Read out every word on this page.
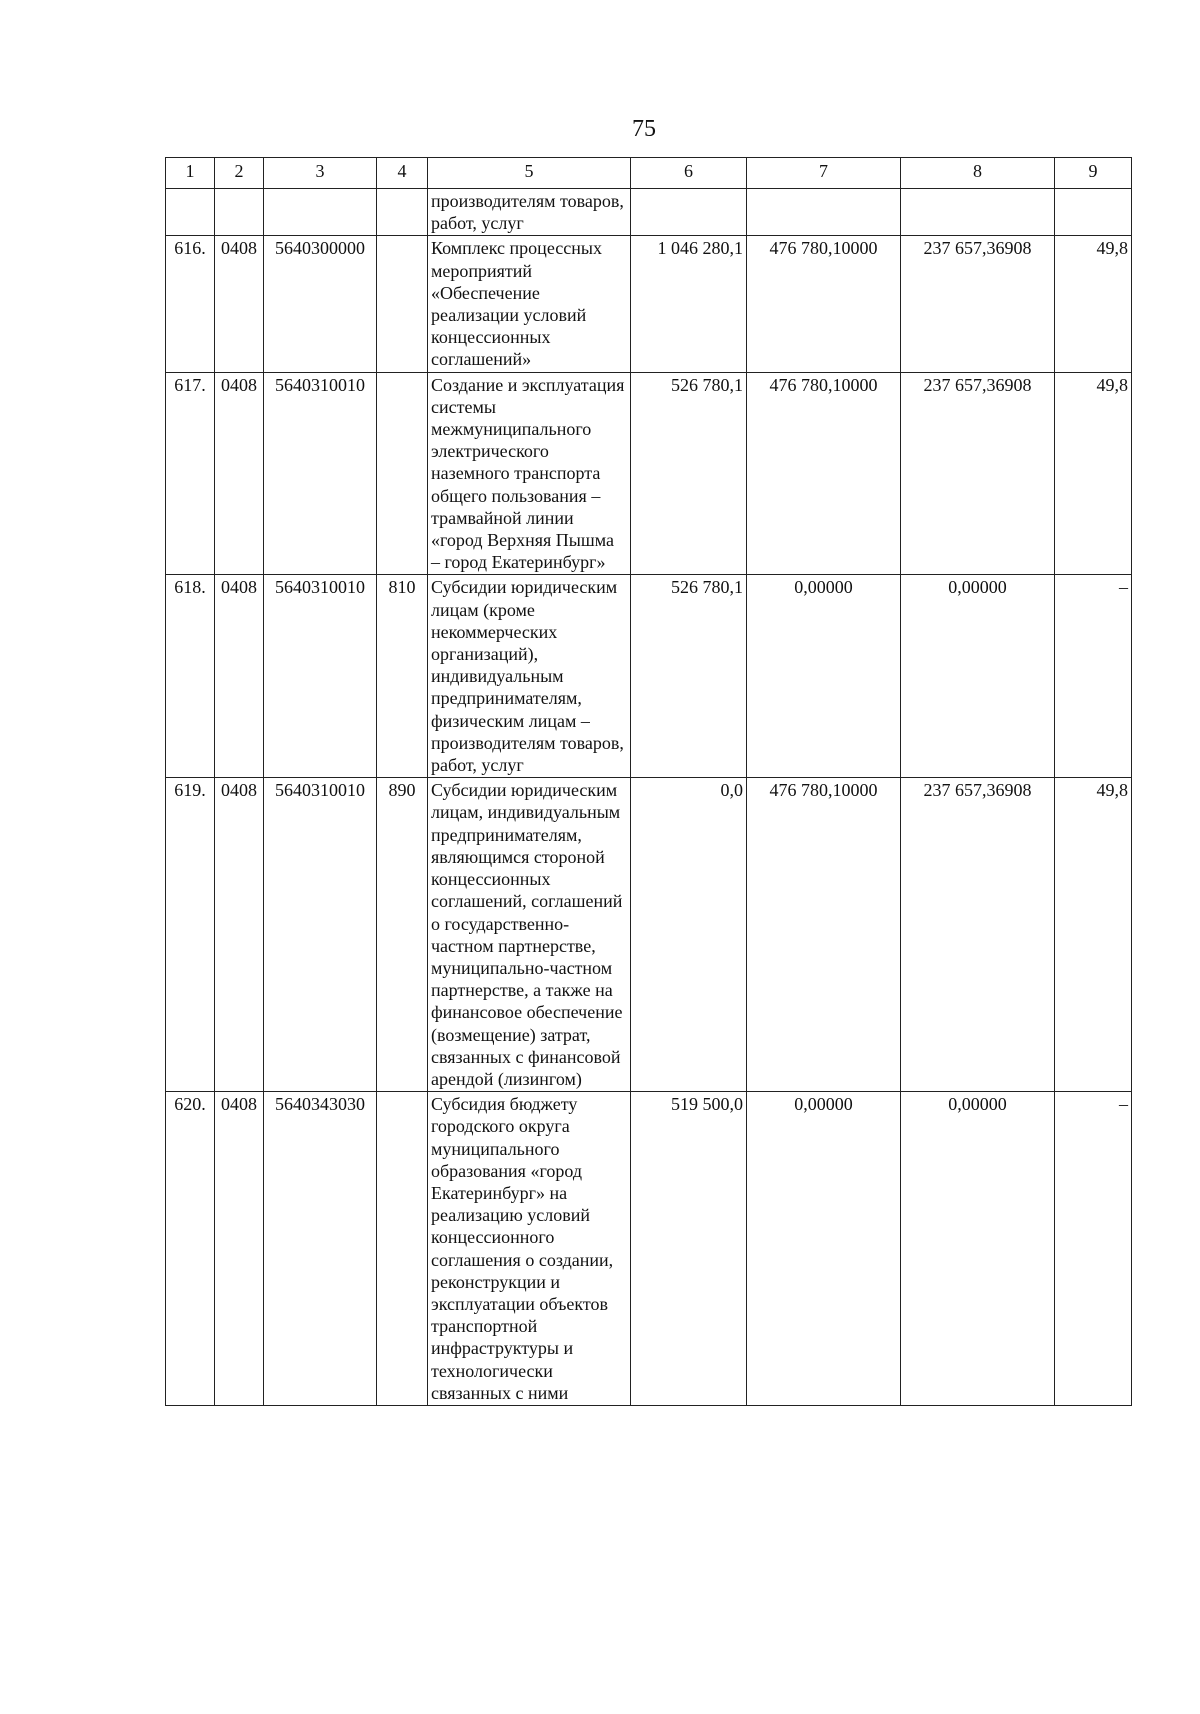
75
1	2	3	4	5	6	7	8	9
				производителям товаров, работ, услуг				
616.	0408	5640300000		Комплекс процессных мероприятий «Обеспечение реализации условий концессионных соглашений»	1 046 280,1	476 780,10000	237 657,36908	49,8
617.	0408	5640310010		Создание и эксплуатация системы межмуниципального электрического наземного транспорта общего пользования – трамвайной линии «город Верхняя Пышма – город Екатеринбург»	526 780,1	476 780,10000	237 657,36908	49,8
618.	0408	5640310010	810	Субсидии юридическим лицам (кроме некоммерческих организаций), индивидуальным предпринимателям, физическим лицам – производителям товаров, работ, услуг	526 780,1	0,00000	0,00000	–
619.	0408	5640310010	890	Субсидии юридическим лицам, индивидуальным предпринимателям, являющимся стороной концессионных соглашений, соглашений о государственно-частном партнерстве, муниципально-частном партнерстве, а также на финансовое обеспечение (возмещение) затрат, связанных с финансовой арендой (лизингом)	0,0	476 780,10000	237 657,36908	49,8
620.	0408	5640343030		Субсидия бюджету городского округа муниципального образования «город Екатеринбург» на реализацию условий концессионного соглашения о создании, реконструкции и эксплуатации объектов транспортной инфраструктуры и технологически связанных с ними	519 500,0	0,00000	0,00000	–
